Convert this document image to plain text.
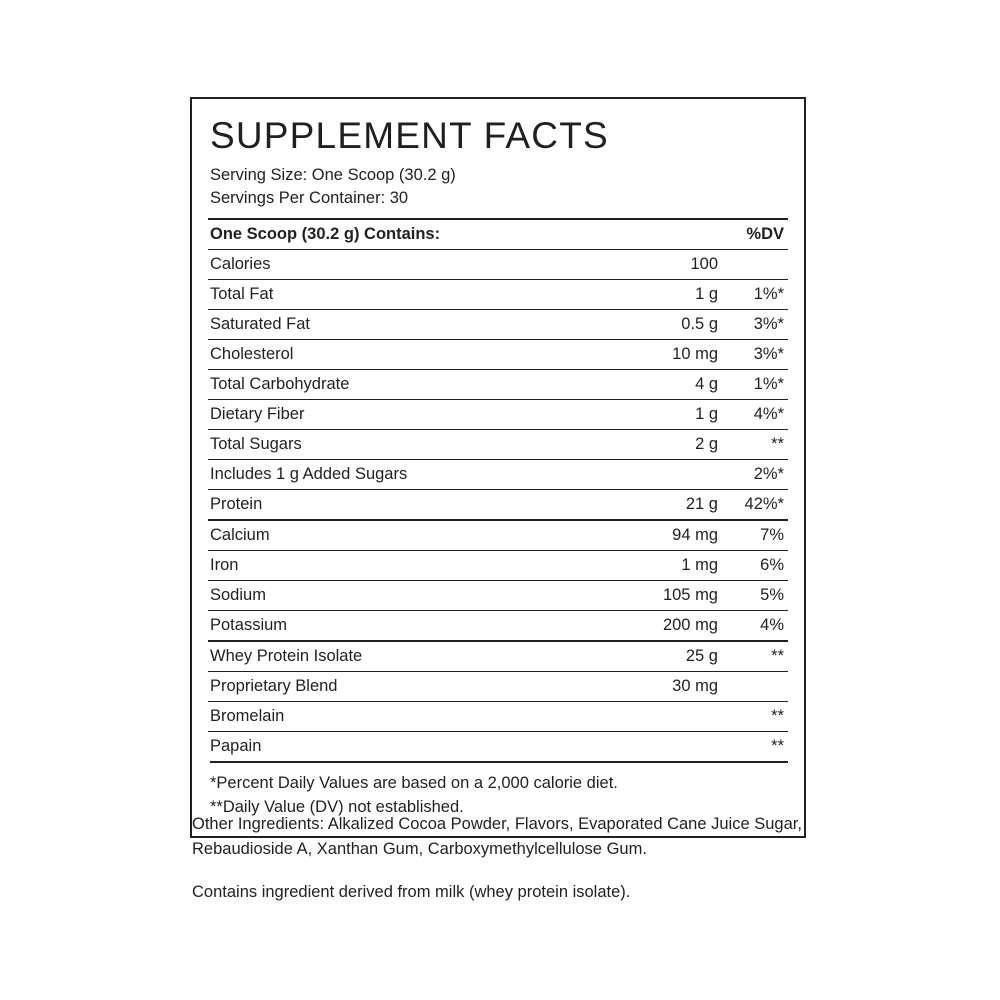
SUPPLEMENT FACTS
Serving Size: One Scoop (30.2 g)
Servings Per Container: 30
One Scoop (30.2 g) Contains:		%DV
Calories	100	
Total Fat	1 g	1%*
Saturated Fat	0.5 g	3%*
Cholesterol	10 mg	3%*
Total Carbohydrate	4 g	1%*
Dietary Fiber	1 g	4%*
Total Sugars	2 g	**
Includes 1 g Added Sugars		2%*
Protein	21 g	42%*
Calcium	94 mg	7%
Iron	1 mg	6%
Sodium	105 mg	5%
Potassium	200 mg	4%
Whey Protein Isolate	25 g	**
Proprietary Blend	30 mg	
Bromelain		**
Papain		**
*Percent Daily Values are based on a 2,000 calorie diet.
**Daily Value (DV) not established.

Other Ingredients: Alkalized Cocoa Powder, Flavors, Evaporated Cane Juice Sugar, Rebaudioside A, Xanthan Gum, Carboxymethylcellulose Gum.

Contains ingredient derived from milk (whey protein isolate).
